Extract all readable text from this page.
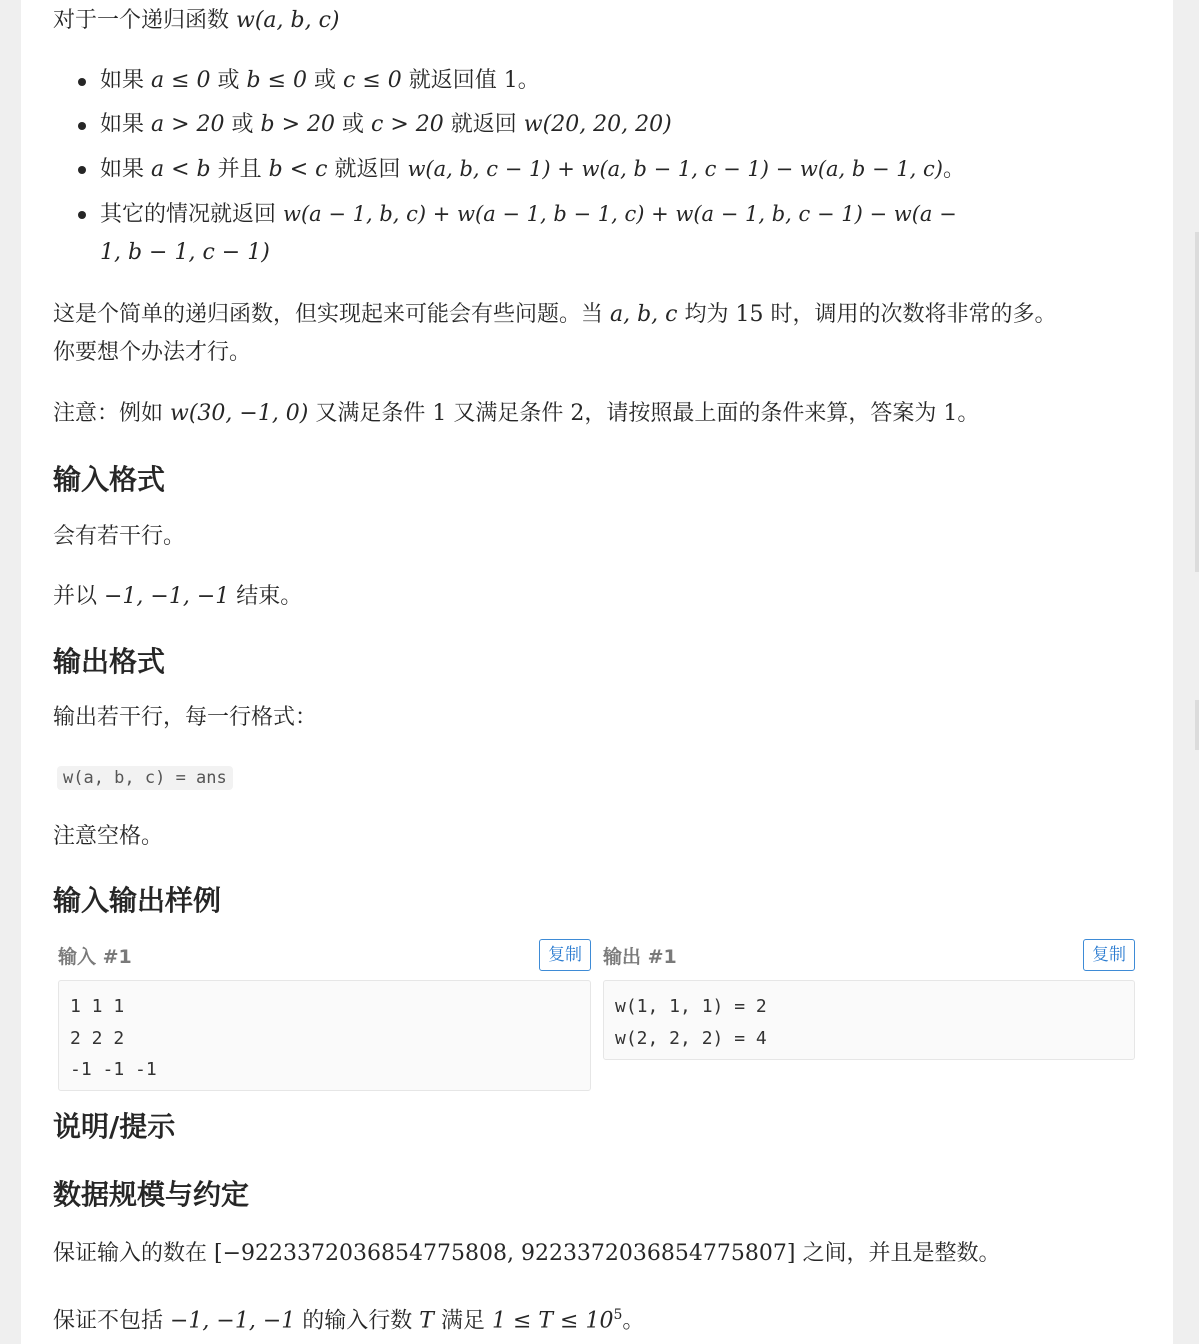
对于一个递归函数 w(a, b, c)

如果 a ≤ 0 或 b ≤ 0 或 c ≤ 0 就返回值 1。
如果 a > 20 或 b > 20 或 c > 20 就返回 w(20, 20, 20)
如果 a < b 并且 b < c 就返回 w(a, b, c − 1) + w(a, b − 1, c − 1) − w(a, b − 1, c)。
其它的情况就返回 w(a − 1, b, c) + w(a − 1, b − 1, c) + w(a − 1, b, c − 1) − w(a −
1, b − 1, c − 1)

这是个简单的递归函数，但实现起来可能会有些问题。当 a, b, c 均为 15 时，调用的次数将非常的多。
你要想个办法才行。

注意：例如 w(30, −1, 0) 又满足条件 1 又满足条件 2，请按照最上面的条件来算，答案为 1。

输入格式

会有若干行。

并以 −1, −1, −1 结束。

输出格式

输出若干行，每一行格式：

w(a, b, c) = ans

注意空格。

输入输出样例
输入 #1	复制
1 1 1
2 2 2
-1 -1 -1
输出 #1	复制
w(1, 1, 1) = 2
w(2, 2, 2) = 4
说明/提示
数据规模与约定

保证输入的数在 [−9223372036854775808, 9223372036854775807] 之间，并且是整数。

保证不包括 −1, −1, −1 的输入行数 T 满足 $1 \le T \le 10^5$。
